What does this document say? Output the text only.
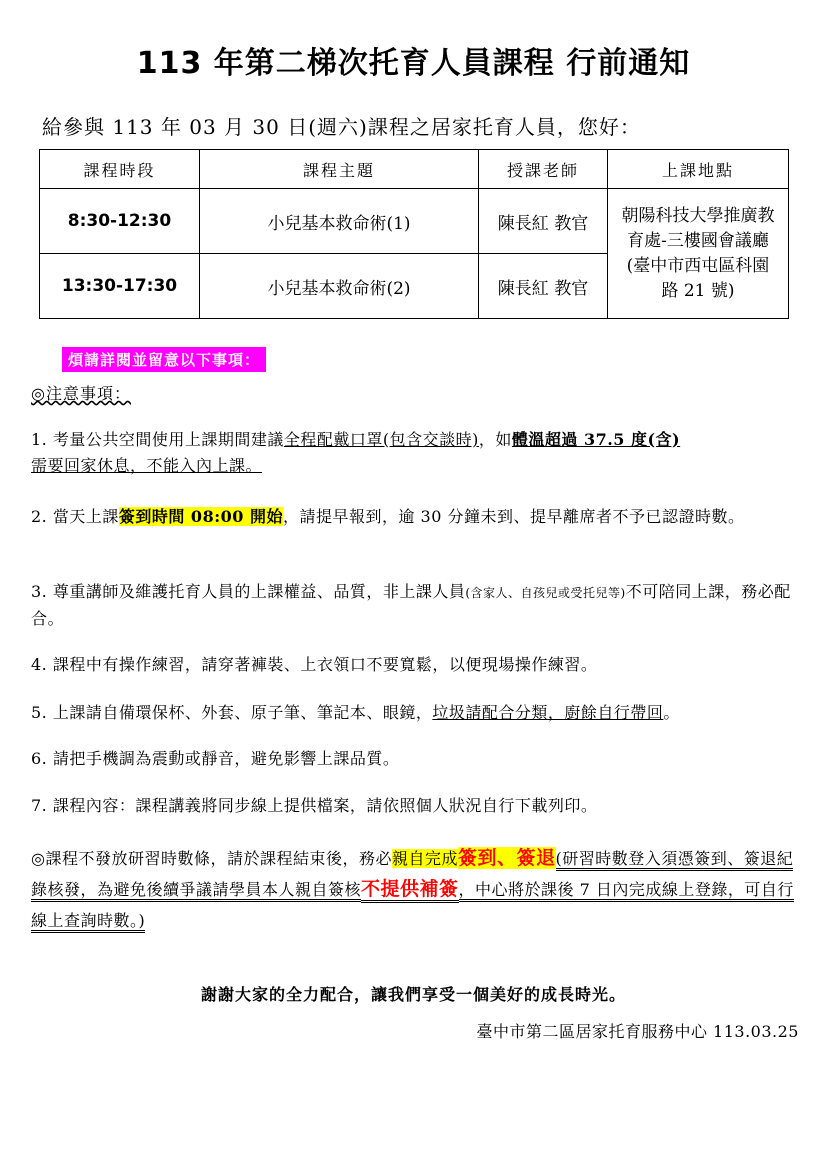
113 年第二梯次托育人員課程 行前通知
給參與 113 年 03 月 30 日(週六)課程之居家托育人員，您好：
課程時段	課程主題	授課老師	上課地點
8:30-12:30	小兒基本救命術(1)	陳長紅 教官	朝陽科技大學推廣教
育處-三樓國會議廳
(臺中市西屯區科園
路 21 號)

13:30-17:30	小兒基本救命術(2)	陳長紅 教官	
煩請詳閱並留意以下事項：
◎注意事項：
1. 考量公共空間使用上課期間建議全程配戴口罩(包含交談時)，如體溫超過 37.5 度(含)
需要回家休息，不能入內上課。
2. 當天上課簽到時間 08:00 開始，請提早報到，逾 30 分鐘未到、提早離席者不予已認證時數。
3. 尊重講師及維護托育人員的上課權益、品質，非上課人員(含家人、自孩兒或受托兒等)不可陪同上課，務必配合。
4. 課程中有操作練習，請穿著褲裝、上衣領口不要寬鬆，以便現場操作練習。
5. 上課請自備環保杯、外套、原子筆、筆記本、眼鏡，垃圾請配合分類，廚餘自行帶回。
6. 請把手機調為震動或靜音，避免影響上課品質。
7. 課程內容：課程講義將同步線上提供檔案，請依照個人狀況自行下載列印。
◎課程不發放研習時數條，請於課程結束後，務必親自完成簽到、簽退(研習時數登入須憑簽到、簽退紀錄核發，為避免後續爭議請學員本人親自簽核不提供補簽，中心將於課後 7 日內完成線上登錄，可自行線上查詢時數。)
謝謝大家的全力配合，讓我們享受一個美好的成長時光。
臺中市第二區居家托育服務中心 113.03.25
